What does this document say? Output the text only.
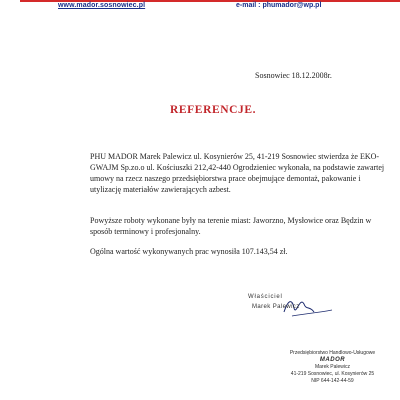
www.mador.sosnowiec.pl	e-mail : phumador@wp.pl
Sosnowiec 18.12.2008r.
REFERENCJE.

PHU MADOR Marek Palewicz ul. Kosynierów 25, 41-219 Sosnowiec stwierdza że EKO- GWAJM Sp.zo.o ul. Kościuszki 212,42-440 Ogrodzieniec wykonała, na podstawie zawartej umowy na rzecz naszego przedsiębiorstwa prace obejmujące demontaż, pakowanie i utylizację materiałów zawierających azbest.

Powyższe roboty wykonane były na terenie miast: Jaworzno, Mysłowice oraz Będzin w sposób terminowy i profesjonalny.

Ogólna wartość wykonywanych prac wynosiła 107.143,54 zł.

Właściciel
Marek Palewicz
Przedsiębiorstwo Handlowo-Usługowe
MADOR
Marek Palewicz
41-219 Sosnowiec, ul. Kosynierów 25
NIP 644-142-44-59
